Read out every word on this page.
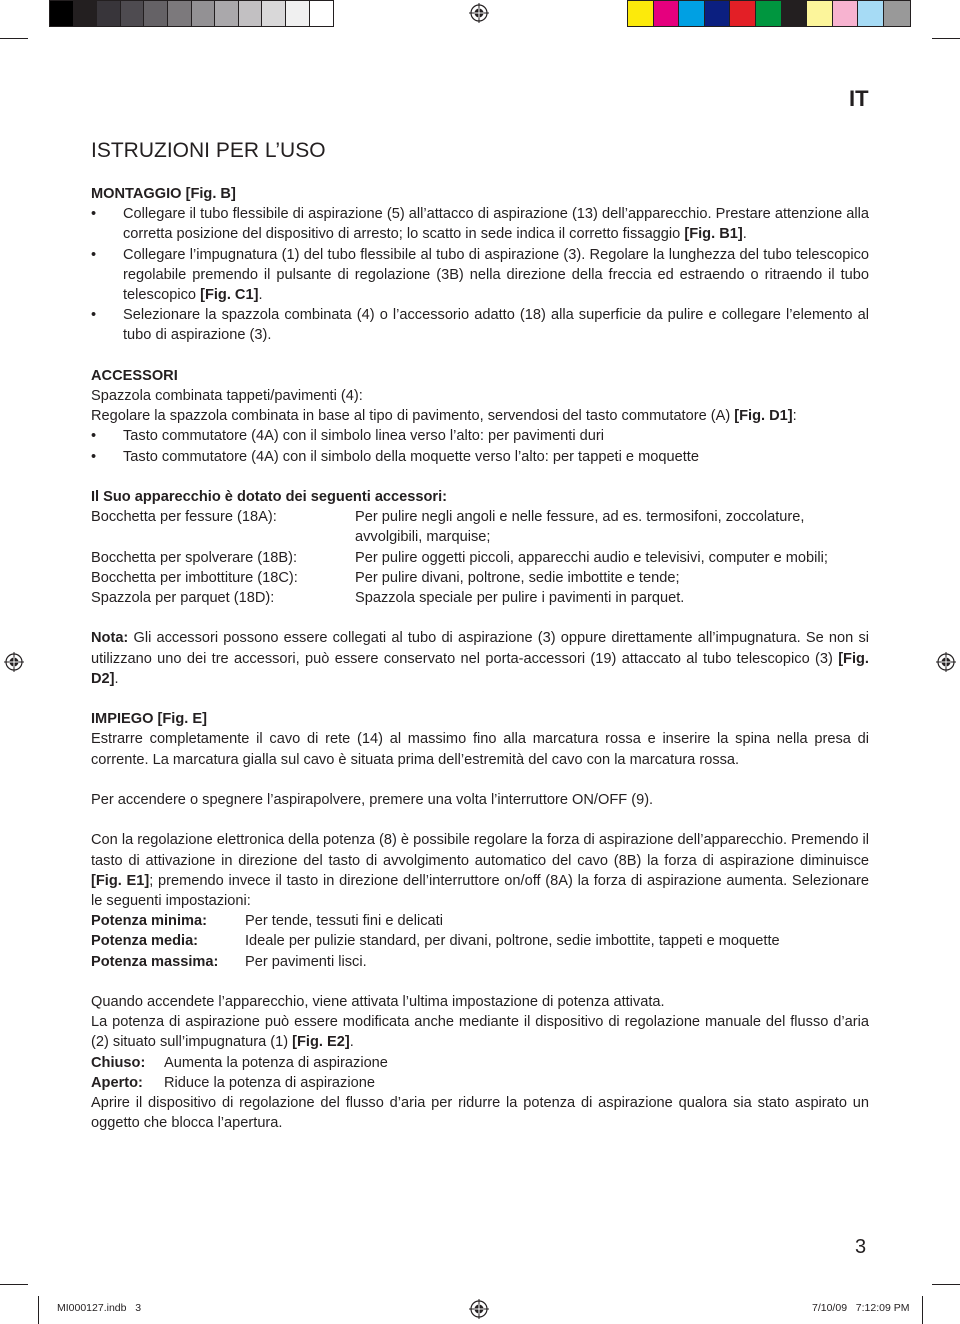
IT
ISTRUZIONI PER L’USO

MONTAGGIO [Fig. B]

• Collegare il tubo flessibile di aspirazione (5) all’attacco di aspirazione (13) dell’apparecchio. Prestare attenzione alla corretta posizione del dispositivo di arresto; lo scatto in sede indica il corretto fissaggio [Fig. B1].
• Collegare l’impugnatura (1) del tubo flessibile al tubo di aspirazione (3). Regolare la lunghezza del tubo telescopico regolabile premendo il pulsante di regolazione (3B) nella direzione della freccia ed estraendo o ritraendo il tubo telescopico [Fig. C1].
• Selezionare la spazzola combinata (4) o l’accessorio adatto (18) alla superficie da pulire e collegare l’elemento al tubo di aspirazione (3).

ACCESSORI

Spazzola combinata tappeti/pavimenti (4):

Regolare la spazzola combinata in base al tipo di pavimento, servendosi del tasto commutatore (A) [Fig. D1]:

• Tasto commutatore (4A) con il simbolo linea verso l’alto: per pavimenti duri
• Tasto commutatore (4A) con il simbolo della moquette verso l’alto: per tappeti e moquette

Il Suo apparecchio è dotato dei seguenti accessori:

Bocchetta per fessure (18A):	Per pulire negli angoli e nelle fessure, ad es. termosifoni, zoccolature, avvolgibili, marquise;
Bocchetta per spolverare (18B):	Per pulire oggetti piccoli, apparecchi audio e televisivi, computer e mobili;
Bocchetta per imbottiture (18C):	Per pulire divani, poltrone, sedie imbottite e tende;
Spazzola per parquet (18D):	Spazzola speciale per pulire i pavimenti in parquet.

Nota: Gli accessori possono essere collegati al tubo di aspirazione (3) oppure direttamente all’impugnatura. Se non si utilizzano uno dei tre accessori, può essere conservato nel porta-accessori (19) attaccato al tubo telescopico (3) [Fig. D2].

IMPIEGO [Fig. E]

Estrarre completamente il cavo di rete (14) al massimo fino alla marcatura rossa e inserire la spina nella presa di corrente. La marcatura gialla sul cavo è situata prima dell’estremità del cavo con la marcatura rossa.

Per accendere o spegnere l’aspirapolvere, premere una volta l’interruttore ON/OFF (9).

Con la regolazione elettronica della potenza (8) è possibile regolare la forza di aspirazione dell’apparecchio. Premendo il tasto di attivazione in direzione del tasto di avvolgimento automatico del cavo (8B) la forza di aspirazione diminuisce [Fig. E1]; premendo invece il tasto in direzione dell’interruttore on/off (8A) la forza di aspirazione aumenta. Selezionare le seguenti impostazioni:

Potenza minima:	Per tende, tessuti fini e delicati
Potenza media:	Ideale per pulizie standard, per divani, poltrone, sedie imbottite, tappeti e moquette
Potenza massima:	Per pavimenti lisci.

Quando accendete l’apparecchio, viene attivata l’ultima impostazione di potenza attivata.

La potenza di aspirazione può essere modificata anche mediante il dispositivo di regolazione manuale del flusso d’aria (2) situato sull’impugnatura (1) [Fig. E2].

Chiuso:	Aumenta la potenza di aspirazione
Aperto:	Riduce la potenza di aspirazione

Aprire il dispositivo di regolazione del flusso d’aria per ridurre la potenza di aspirazione qualora sia stato aspirato un oggetto che blocca l’apertura.

3
MI000127.indb   3	7/10/09   7:12:09 PM
